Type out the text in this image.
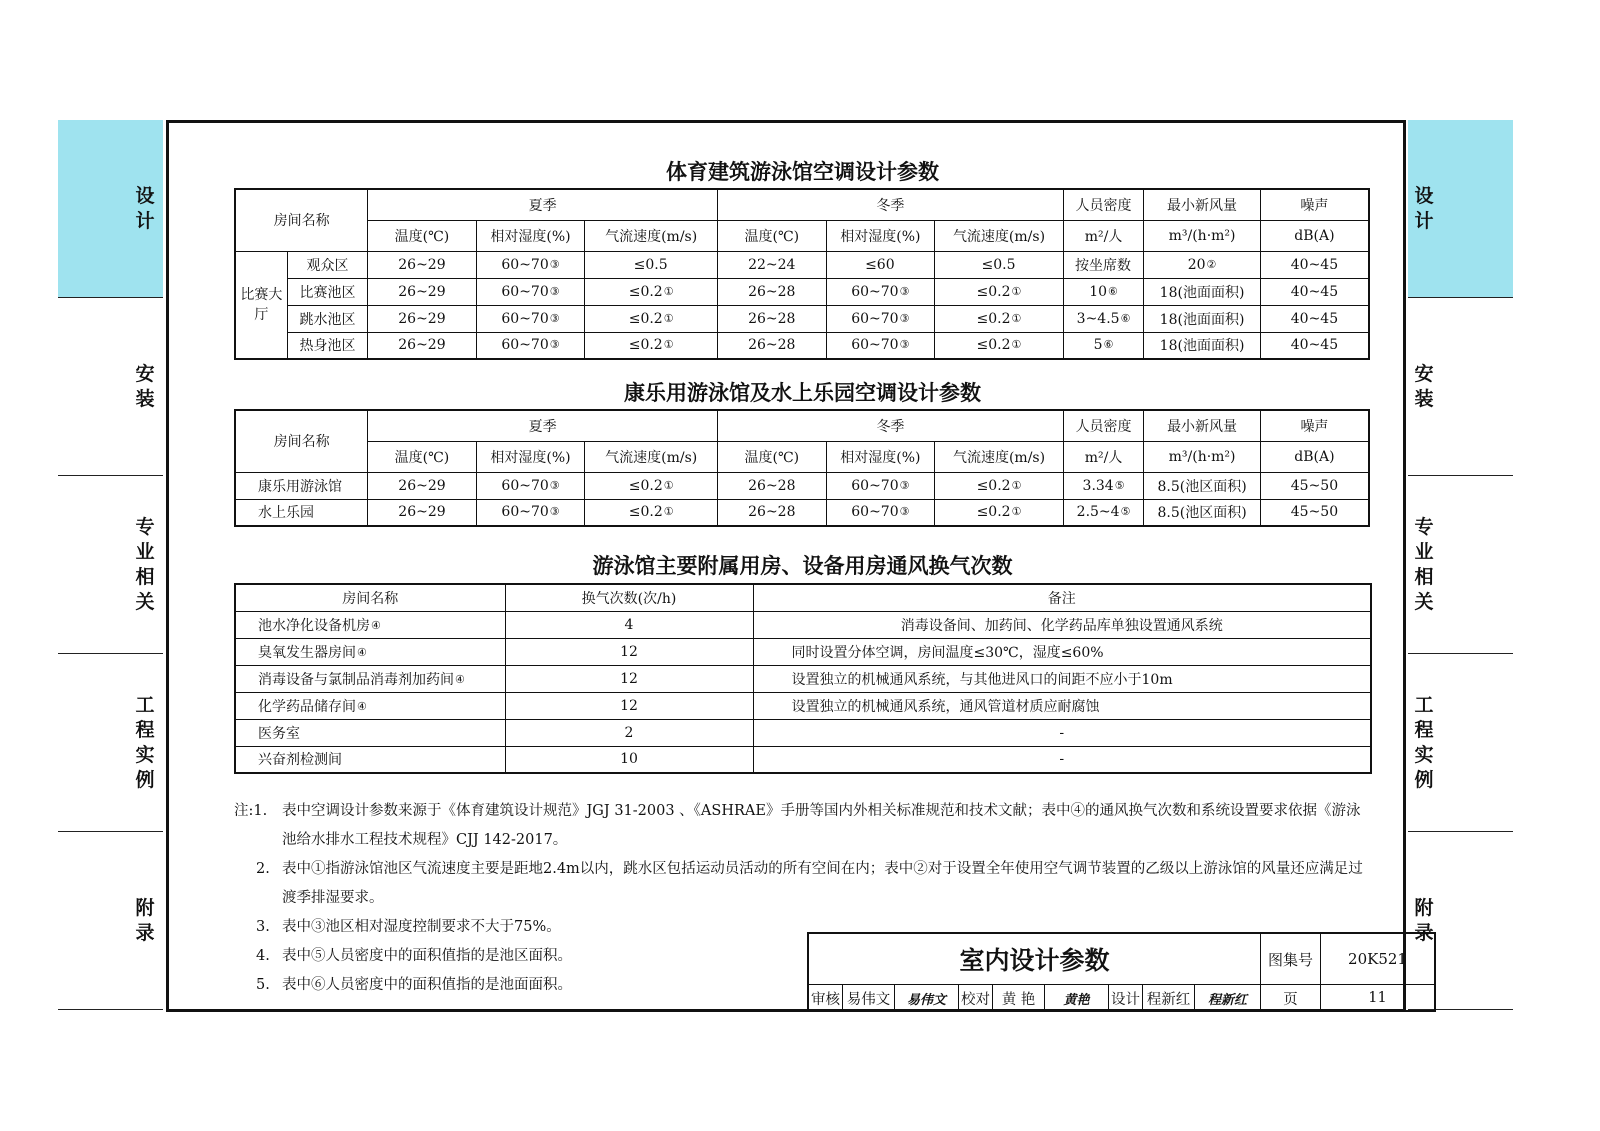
设计
安装
专业相关
工程实例
附录
设计
安装
专业相关
工程实例
附录
体育建筑游泳馆空调设计参数
房间名称		夏季			冬季			人员密度	最小新风量	噪声
		温度(℃)	相对湿度(%)	气流速度(m/s)	温度(℃)	相对湿度(%)	气流速度(m/s)	m²/人	m³/(h·m²)	dB(A)
比赛大厅	观众区	26~29	60~70③	≤0.5	22~24	≤60	≤0.5	按坐席数	20②	40~45
	比赛池区	26~29	60~70③	≤0.2①	26~28	60~70③	≤0.2①	10⑥	18(池面面积)	40~45
	跳水池区	26~29	60~70③	≤0.2①	26~28	60~70③	≤0.2①	3~4.5⑥	18(池面面积)	40~45
	热身池区	26~29	60~70③	≤0.2①	26~28	60~70③	≤0.2①	5⑥	18(池面面积)	40~45
康乐用游泳馆及水上乐园空调设计参数
房间名称	夏季			冬季			人员密度	最小新风量	噪声
	温度(℃)	相对湿度(%)	气流速度(m/s)	温度(℃)	相对湿度(%)	气流速度(m/s)	m²/人	m³/(h·m²)	dB(A)
康乐用游泳馆	26~29	60~70③	≤0.2①	26~28	60~70③	≤0.2①	3.34⑤	8.5(池区面积)	45~50
水上乐园	26~29	60~70③	≤0.2①	26~28	60~70③	≤0.2①	2.5~4⑤	8.5(池区面积)	45~50
游泳馆主要附属用房、设备用房通风换气次数
房间名称	换气次数(次/h)	备注
池水净化设备机房④	4	消毒设备间、加药间、化学药品库单独设置通风系统
臭氧发生器房间④	12	同时设置分体空调，房间温度≤30℃，湿度≤60%
消毒设备与氯制品消毒剂加药间④	12	设置独立的机械通风系统，与其他进风口的间距不应小于10m
化学药品储存间④	12	设置独立的机械通风系统，通风管道材质应耐腐蚀
医务室	2	-
兴奋剂检测间	10	-
注:1. 表中空调设计参数来源于《体育建筑设计规范》JGJ 31-2003 、《ASHRAE》手册等国内外相关标准规范和技术文献；表中④的通风换气次数和系统设置要求依据《游泳池给水排水工程技术规程》CJJ 142-2017。
2. 表中①指游泳馆池区气流速度主要是距地2.4m以内，跳水区包括运动员活动的所有空间在内；表中②对于设置全年使用空气调节装置的乙级以上游泳馆的风量还应满足过渡季排湿要求。
3. 表中③池区相对湿度控制要求不大于75%。
4. 表中⑤人员密度中的面积值指的是池区面积。
5. 表中⑥人员密度中的面积值指的是池面面积。
室内设计参数	图集号	20K521
审核 易伟文	易伟文	校对 黄 艳	黄艳	设计 程新红	程新红	页	11
